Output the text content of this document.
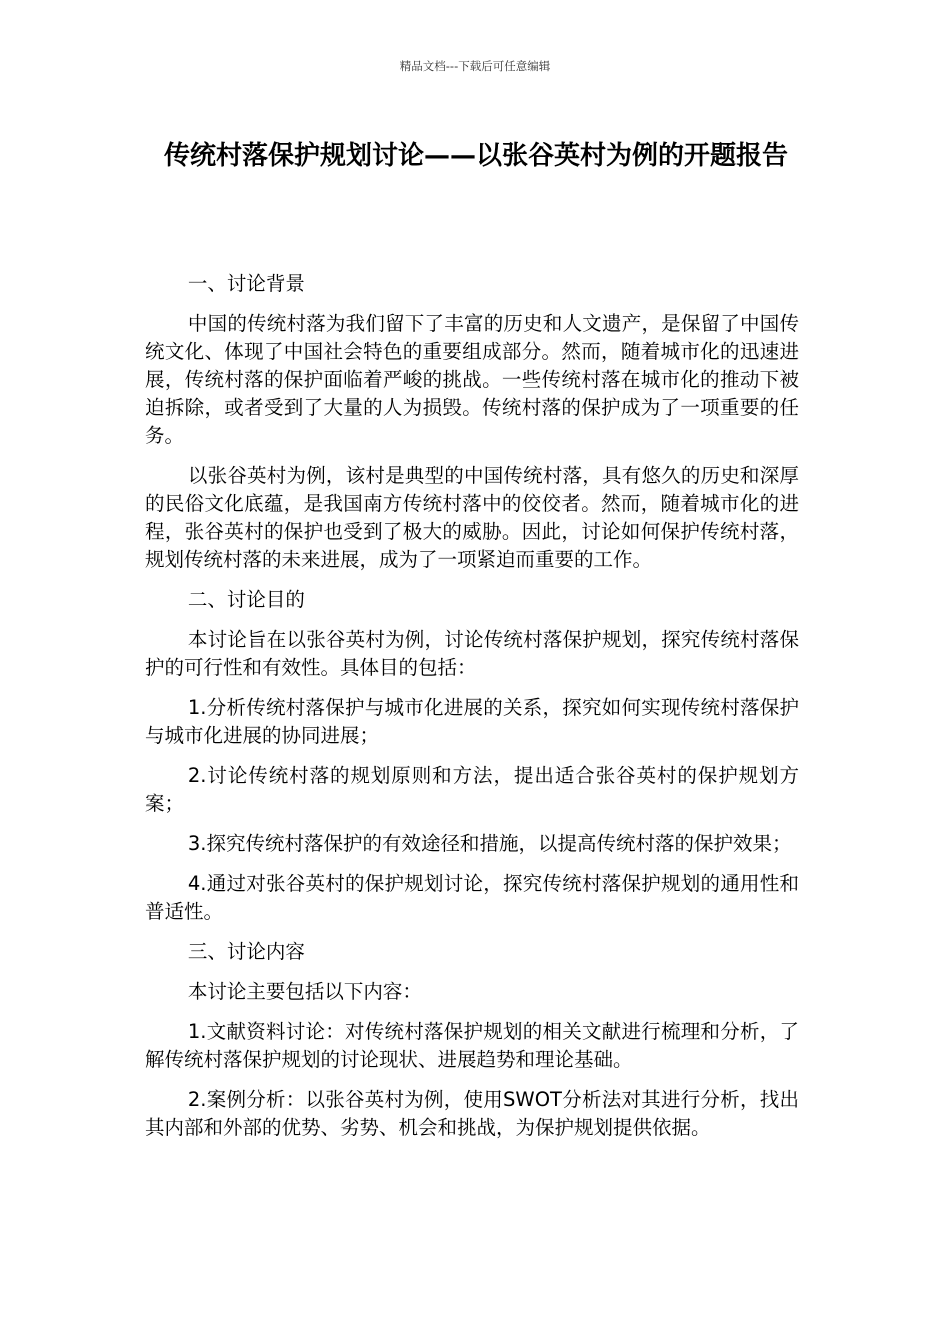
精品文档---下载后可任意编辑
传统村落保护规划讨论——以张谷英村为例的开题报告

一、讨论背景

中国的传统村落为我们留下了丰富的历史和人文遗产，是保留了中国传统文化、体现了中国社会特色的重要组成部分。然而，随着城市化的迅速进展，传统村落的保护面临着严峻的挑战。一些传统村落在城市化的推动下被迫拆除，或者受到了大量的人为损毁。传统村落的保护成为了一项重要的任务。

以张谷英村为例，该村是典型的中国传统村落，具有悠久的历史和深厚的民俗文化底蕴，是我国南方传统村落中的佼佼者。然而，随着城市化的进程，张谷英村的保护也受到了极大的威胁。因此，讨论如何保护传统村落，规划传统村落的未来进展，成为了一项紧迫而重要的工作。

二、讨论目的

本讨论旨在以张谷英村为例，讨论传统村落保护规划，探究传统村落保护的可行性和有效性。具体目的包括：

1.分析传统村落保护与城市化进展的关系，探究如何实现传统村落保护与城市化进展的协同进展；

2.讨论传统村落的规划原则和方法，提出适合张谷英村的保护规划方案；

3.探究传统村落保护的有效途径和措施，以提高传统村落的保护效果；

4.通过对张谷英村的保护规划讨论，探究传统村落保护规划的通用性和普适性。

三、讨论内容

本讨论主要包括以下内容：

1.文献资料讨论：对传统村落保护规划的相关文献进行梳理和分析，了解传统村落保护规划的讨论现状、进展趋势和理论基础。

2.案例分析：以张谷英村为例，使用SWOT分析法对其进行分析，找出其内部和外部的优势、劣势、机会和挑战，为保护规划提供依据。
